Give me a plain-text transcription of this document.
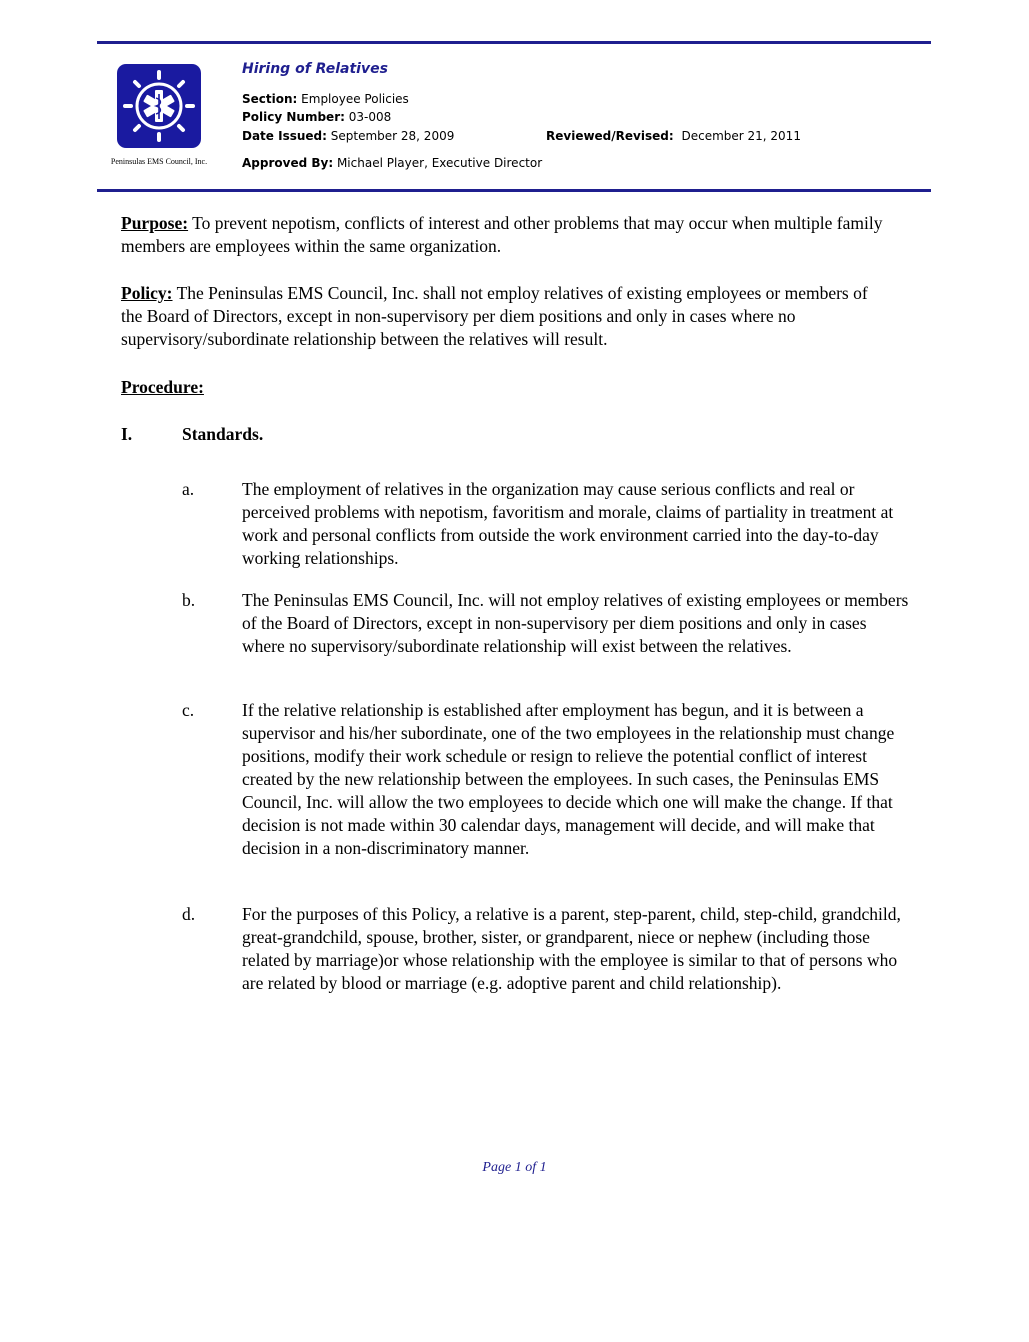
Peninsulas EMS Council, Inc.
Hiring of Relatives
Section: Employee Policies
Policy Number: 03-008
Date Issued: September 28, 2009	Reviewed/Revised: December 21, 2011
Approved By: Michael Player, Executive Director

Purpose: To prevent nepotism, conflicts of interest and other problems that may occur when multiple family members are employees within the same organization.

Policy: The Peninsulas EMS Council, Inc. shall not employ relatives of existing employees or members of the Board of Directors, except in non-supervisory per diem positions and only in cases where no supervisory/subordinate relationship between the relatives will result.

Procedure:

I.	Standards.
a.	The employment of relatives in the organization may cause serious conflicts and real or perceived problems with nepotism, favoritism and morale, claims of partiality in treatment at work and personal conflicts from outside the work environment carried into the day-to-day working relationships.

b.	The Peninsulas EMS Council, Inc. will not employ relatives of existing employees or members of the Board of Directors, except in non-supervisory per diem positions and only in cases where no supervisory/subordinate relationship will exist between the relatives.

c.	If the relative relationship is established after employment has begun, and it is between a supervisor and his/her subordinate, one of the two employees in the relationship must change positions, modify their work schedule or resign to relieve the potential conflict of interest created by the new relationship between the employees. In such cases, the Peninsulas EMS Council, Inc. will allow the two employees to decide which one will make the change. If that decision is not made within 30 calendar days, management will decide, and will make that decision in a non-discriminatory manner.

d.	For the purposes of this Policy, a relative is a parent, step-parent, child, step-child, grandchild, great-grandchild, spouse, brother, sister, or grandparent, niece or nephew (including those related by marriage)or whose relationship with the employee is similar to that of persons who are related by blood or marriage (e.g. adoptive parent and child relationship).

Page 1 of 1
